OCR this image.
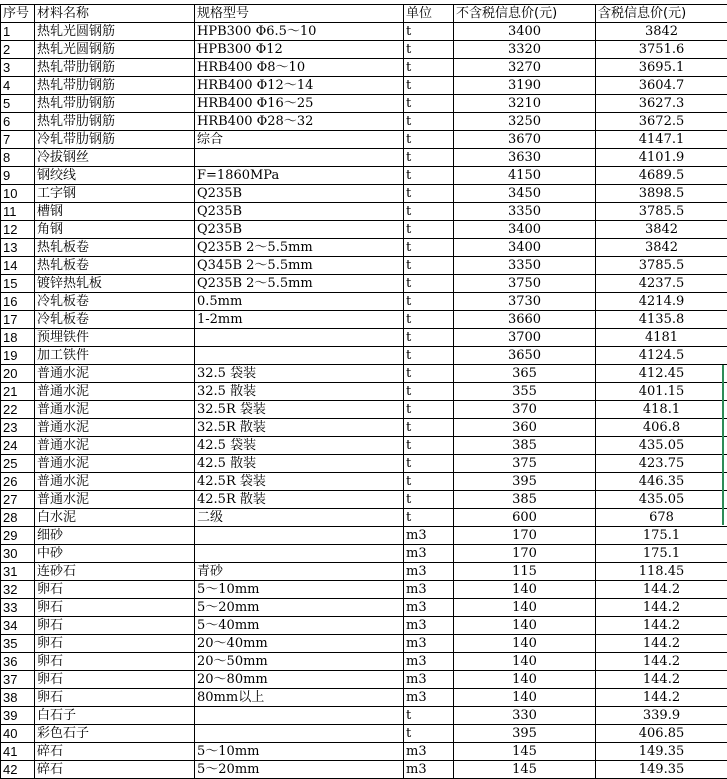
序号	材料名称	规格型号	单位	不含税信息价(元)	含税信息价(元)
1	热轧光圆钢筋	HPB300 Φ6.5～10	t	3400	3842
2	热轧光圆钢筋	HPB300 Φ12	t	3320	3751.6
3	热轧带肋钢筋	HRB400 Φ8～10	t	3270	3695.1
4	热轧带肋钢筋	HRB400 Φ12～14	t	3190	3604.7
5	热轧带肋钢筋	HRB400 Φ16～25	t	3210	3627.3
6	热轧带肋钢筋	HRB400 Φ28～32	t	3250	3672.5
7	冷轧带肋钢筋	综合	t	3670	4147.1
8	冷拔钢丝		t	3630	4101.9
9	钢绞线	F=1860MPa	t	4150	4689.5
10	工字钢	Q235B	t	3450	3898.5
11	槽钢	Q235B	t	3350	3785.5
12	角钢	Q235B	t	3400	3842
13	热轧板卷	Q235B 2～5.5mm	t	3400	3842
14	热轧板卷	Q345B 2～5.5mm	t	3350	3785.5
15	镀锌热轧板	Q235B 2～5.5mm	t	3750	4237.5
16	冷轧板卷	0.5mm	t	3730	4214.9
17	冷轧板卷	1-2mm	t	3660	4135.8
18	预埋铁件		t	3700	4181
19	加工铁件		t	3650	4124.5
20	普通水泥	32.5 袋装	t	365	412.45
21	普通水泥	32.5 散装	t	355	401.15
22	普通水泥	32.5R 袋装	t	370	418.1
23	普通水泥	32.5R 散装	t	360	406.8
24	普通水泥	42.5 袋装	t	385	435.05
25	普通水泥	42.5 散装	t	375	423.75
26	普通水泥	42.5R 袋装	t	395	446.35
27	普通水泥	42.5R 散装	t	385	435.05
28	白水泥	二级	t	600	678
29	细砂		m3	170	175.1
30	中砂		m3	170	175.1
31	连砂石	青砂	m3	115	118.45
32	卵石	5～10mm	m3	140	144.2
33	卵石	5～20mm	m3	140	144.2
34	卵石	5～40mm	m3	140	144.2
35	卵石	20～40mm	m3	140	144.2
36	卵石	20～50mm	m3	140	144.2
37	卵石	20～80mm	m3	140	144.2
38	卵石	80mm以上	m3	140	144.2
39	白石子		t	330	339.9
40	彩色石子		t	395	406.85
41	碎石	5～10mm	m3	145	149.35
42	碎石	5～20mm	m3	145	149.35
